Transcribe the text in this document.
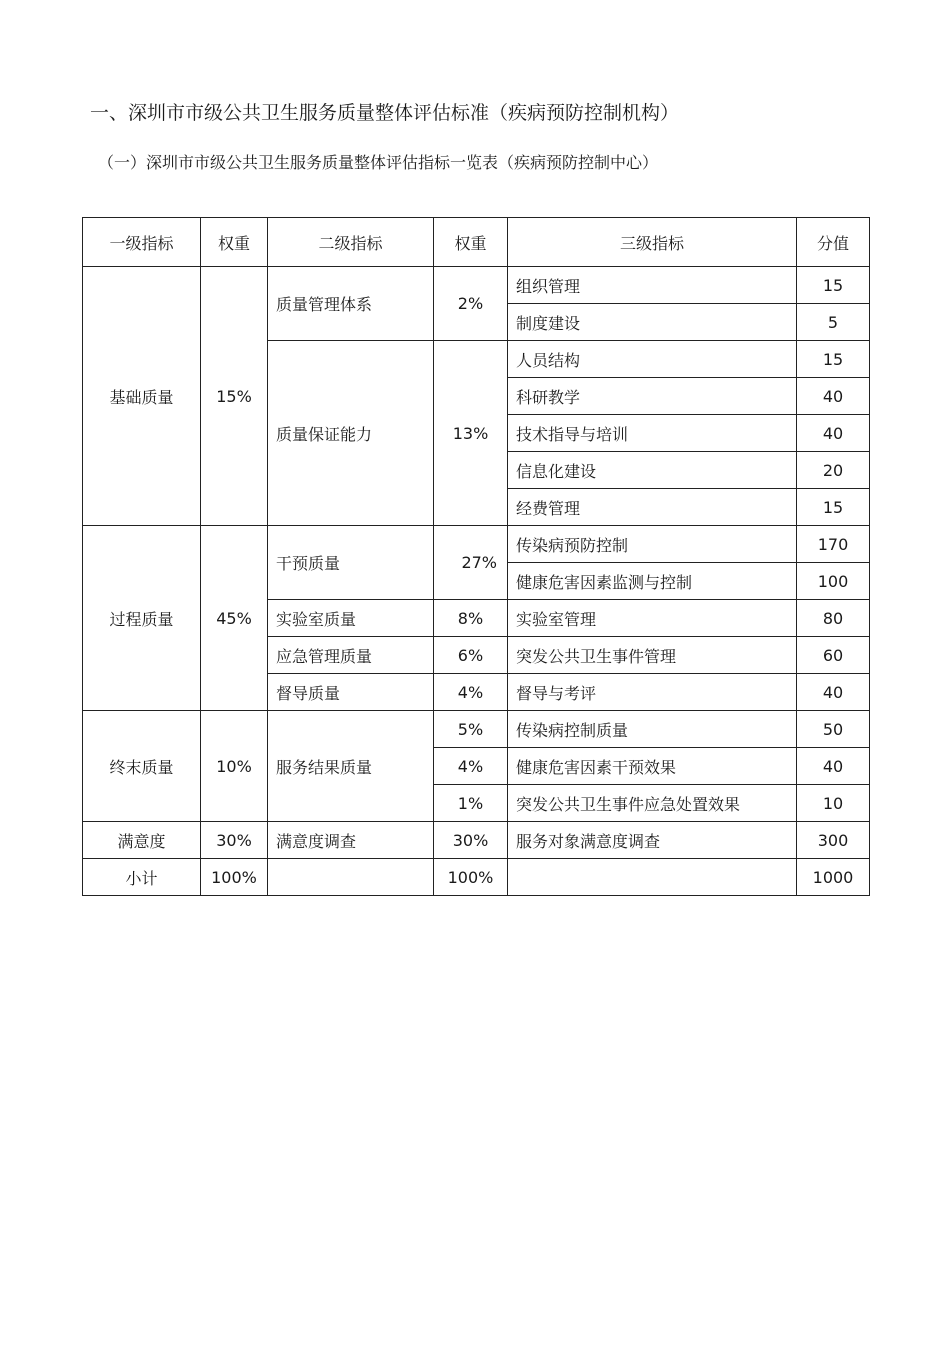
一、深圳市市级公共卫生服务质量整体评估标准（疾病预防控制机构）
（一）深圳市市级公共卫生服务质量整体评估指标一览表（疾病预防控制中心）
一级指标	权重	二级指标	权重	三级指标	分值
基础质量	15%	质量管理体系	2%	组织管理	15
				制度建设	5
		质量保证能力	13%	人员结构	15
				科研教学	40
				技术指导与培训	40
				信息化建设	20
				经费管理	15
过程质量	45%	干预质量	27%	传染病预防控制	170
				健康危害因素监测与控制	100
		实验室质量	8%	实验室管理	80
		应急管理质量	6%	突发公共卫生事件管理	60
		督导质量	4%	督导与考评	40
终末质量	10%	服务结果质量	5%	传染病控制质量	50
			4%	健康危害因素干预效果	40
			1%	突发公共卫生事件应急处置效果	10
满意度	30%	满意度调查	30%	服务对象满意度调查	300
小计	100%		100%		1000
